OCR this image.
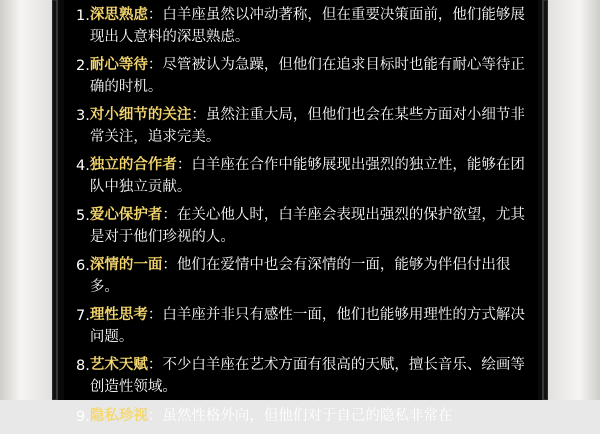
1. 深思熟虑：白羊座虽然以冲动著称，但在重要决策面前，他们能够展现出人意料的深思熟虑。
2. 耐心等待：尽管被认为急躁，但他们在追求目标时也能有耐心等待正确的时机。
3. 对小细节的关注：虽然注重大局，但他们也会在某些方面对小细节非常关注，追求完美。
4. 独立的合作者：白羊座在合作中能够展现出强烈的独立性，能够在团队中独立贡献。
5. 爱心保护者：在关心他人时，白羊座会表现出强烈的保护欲望，尤其是对于他们珍视的人。
6. 深情的一面：他们在爱情中也会有深情的一面，能够为伴侣付出很多。
7. 理性思考：白羊座并非只有感性一面，他们也能够用理性的方式解决问题。
8. 艺术天赋：不少白羊座在艺术方面有很高的天赋，擅长音乐、绘画等创造性领域。
9. 隐私珍视：虽然性格外向，但他们对于自己的隐私非常在
